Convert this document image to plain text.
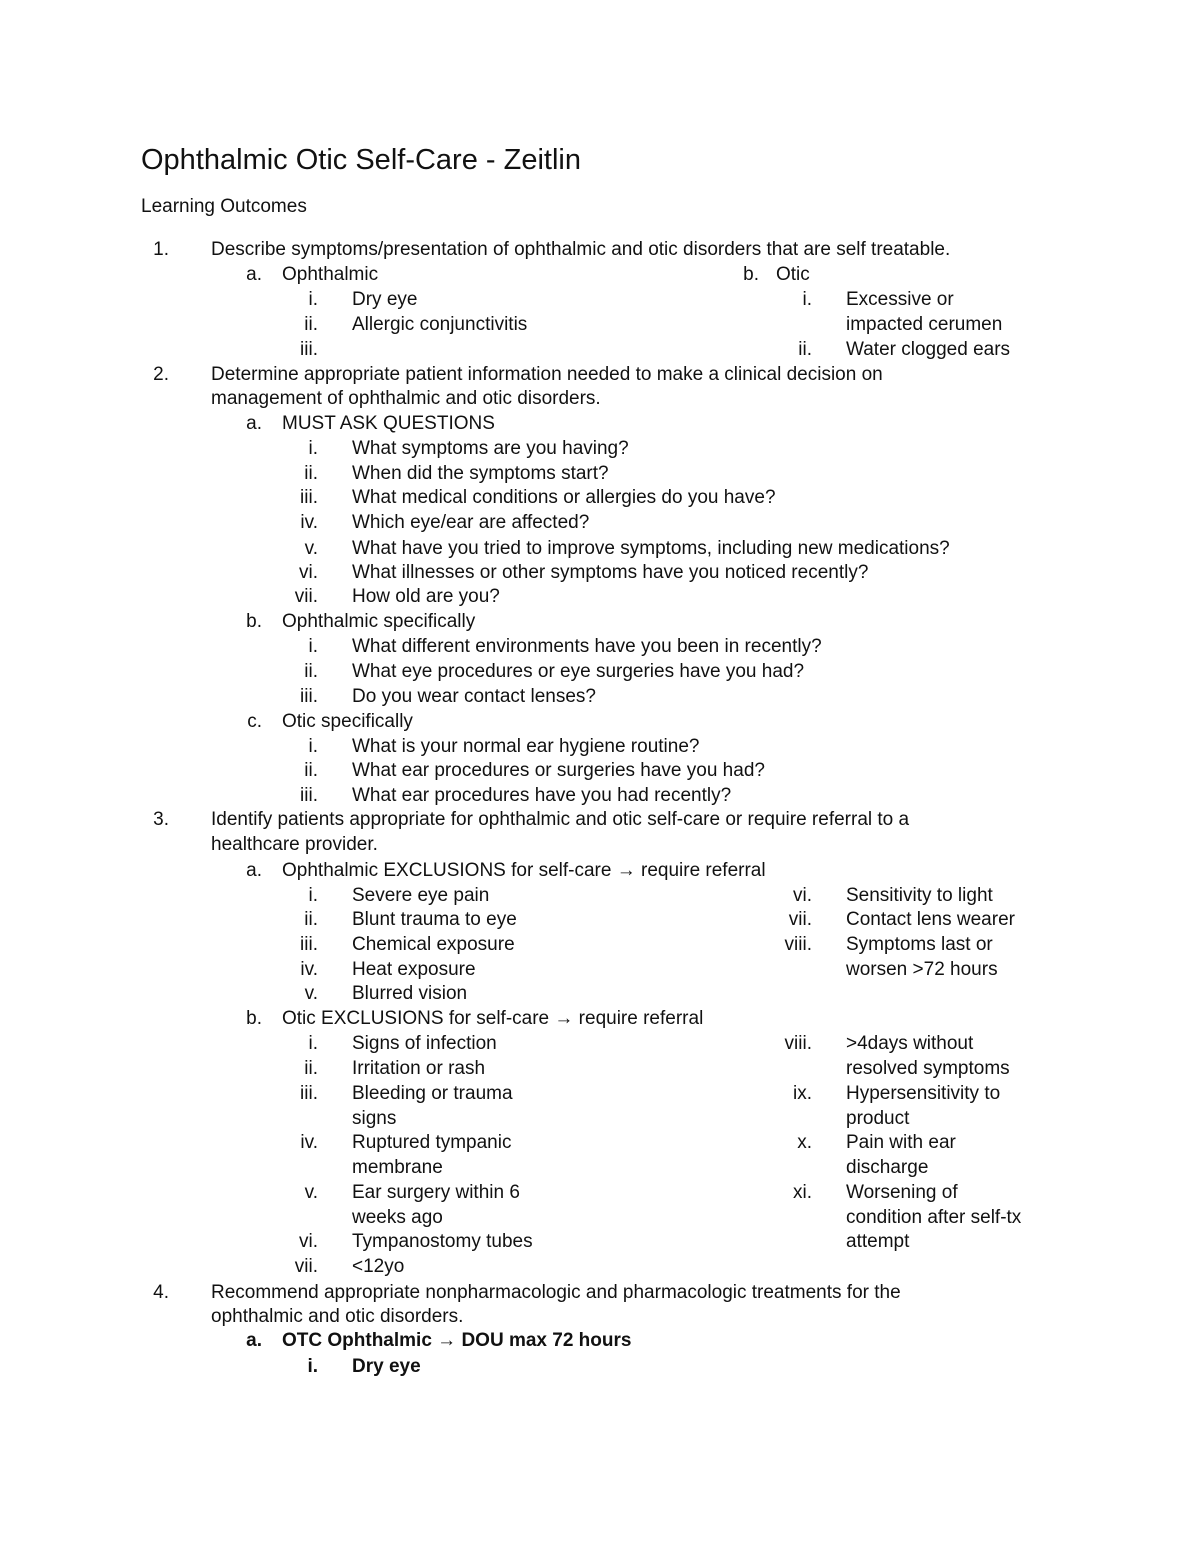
Ophthalmic Otic Self-Care - Zeitlin
Learning Outcomes
1. Describe symptoms/presentation of ophthalmic and otic disorders that are self treatable.
a. Ophthalmic	b. Otic
i. Dry eye
ii. Allergic conjunctivitis
iii.
i. Excessive or
impacted cerumen
ii. Water clogged ears
2. Determine appropriate patient information needed to make a clinical decision on
management of ophthalmic and otic disorders.
a. MUST ASK QUESTIONS
i. What symptoms are you having?
ii. When did the symptoms start?
iii. What medical conditions or allergies do you have?
iv. Which eye/ear are affected?
v. What have you tried to improve symptoms, including new medications?
vi. What illnesses or other symptoms have you noticed recently?
vii. How old are you?
b. Ophthalmic specifically
i. What different environments have you been in recently?
ii. What eye procedures or eye surgeries have you had?
iii. Do you wear contact lenses?
c. Otic specifically
i. What is your normal ear hygiene routine?
ii. What ear procedures or surgeries have you had?
iii. What ear procedures have you had recently?
3. Identify patients appropriate for ophthalmic and otic self-care or require referral to a
healthcare provider.
a. Ophthalmic EXCLUSIONS for self-care → require referral
i. Severe eye pain
ii. Blunt trauma to eye
iii. Chemical exposure
iv. Heat exposure
v. Blurred vision
vi. Sensitivity to light
vii. Contact lens wearer
viii. Symptoms last or
worsen >72 hours
b. Otic EXCLUSIONS for self-care → require referral
i. Signs of infection
ii. Irritation or rash
iii. Bleeding or trauma
signs
iv. Ruptured tympanic
membrane
v. Ear surgery within 6
weeks ago
vi. Tympanostomy tubes
vii. <12yo
viii. >4days without
resolved symptoms
ix. Hypersensitivity to
product
x. Pain with ear
discharge
xi. Worsening of
condition after self-tx
attempt
4. Recommend appropriate nonpharmacologic and pharmacologic treatments for the
ophthalmic and otic disorders.
a. OTC Ophthalmic → DOU max 72 hours
i. Dry eye
